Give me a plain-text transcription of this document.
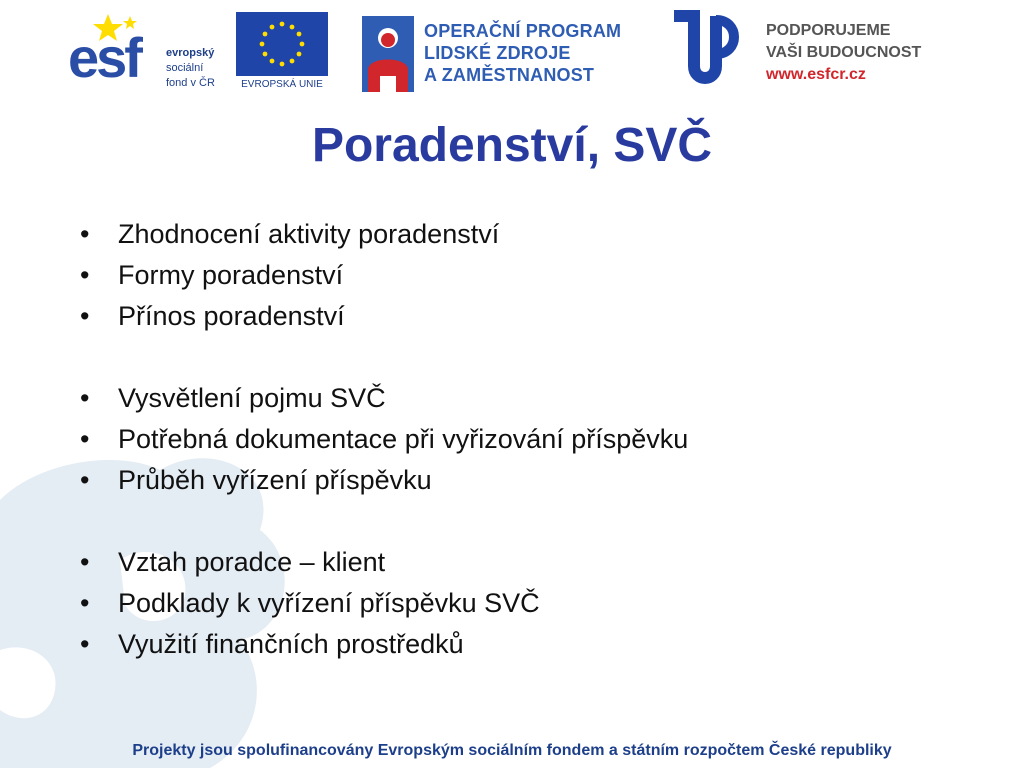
esf evropský
sociální
fond v ČR	EVROPSKÁ UNIE
OPERAČNÍ PROGRAM
LIDSKÉ ZDROJE
A ZAMĚSTNANOST
PODPORUJEME
VAŠI BUDOUCNOST
www.esfcr.cz
Poradenství, SVČ
• Zhodnocení aktivity poradenství
• Formy poradenství
• Přínos poradenství
• Vysvětlení pojmu SVČ
• Potřebná dokumentace při vyřizování příspěvku
• Průběh vyřízení příspěvku
• Vztah poradce – klient
• Podklady k vyřízení příspěvku SVČ
• Využití finančních prostředků
Projekty jsou spolufinancovány Evropským sociálním fondem a státním rozpočtem České republiky
